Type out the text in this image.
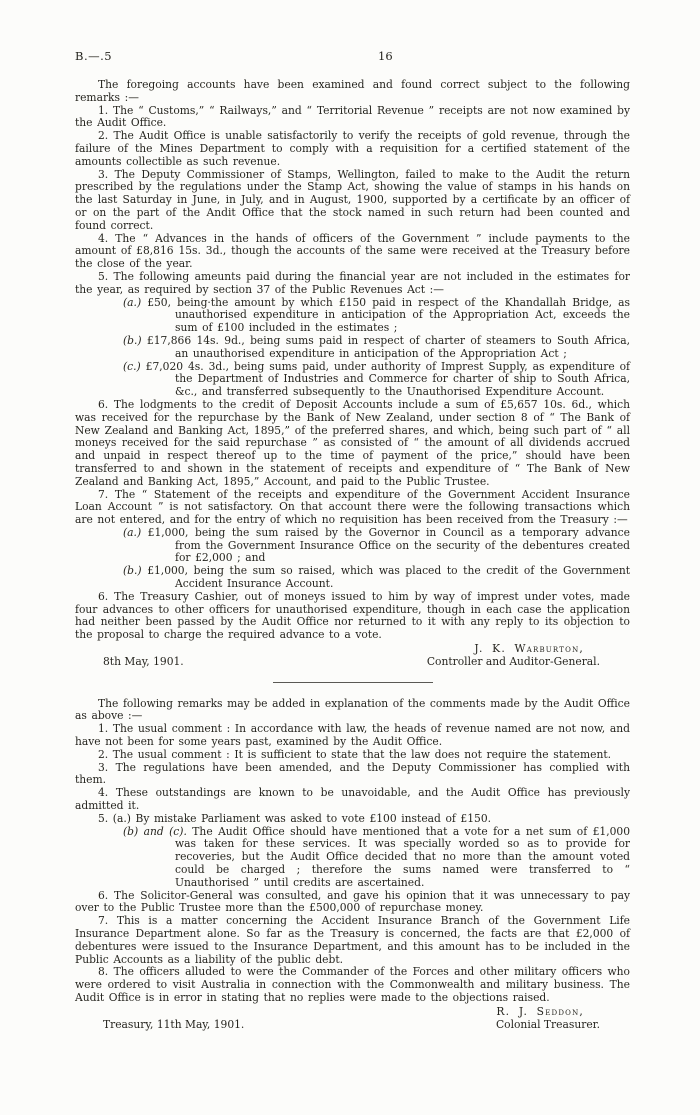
B.—.5	16

The foregoing accounts have been examined and found correct subject to the following remarks :—

1. The “ Customs,” “ Railways,” and “ Territorial Revenue ” receipts are not now examined by the Audit Office.

2. The Audit Office is unable satisfactorily to verify the receipts of gold revenue, through the failure of the Mines Department to comply with a requisition for a certified statement of the amounts collectible as such revenue.

3. The Deputy Commissioner of Stamps, Wellington, failed to make to the Audit the return prescribed by the regulations under the Stamp Act, showing the value of stamps in his hands on the last Saturday in June, in July, and in August, 1900, supported by a certificate by an officer of or on the part of the Andit Office that the stock named in such return had been counted and found correct.

4. The “ Advances in the hands of officers of the Government ” include payments to the amount of £8,816 15s. 3d., though the accounts of the same were received at the Treasury before the close of the year.

5. The following ameunts paid during the financial year are not included in the estimates for the year, as required by section 37 of the Public Revenues Act :—

(a.) £50, being·the amount by which £150 paid in respect of the Khandallah Bridge, as unauthorised expenditure in anticipation of the Appropriation Act, exceeds the sum of £100 included in the estimates ;

(b.) £17,866 14s. 9d., being sums paid in respect of charter of steamers to South Africa, an unauthorised expenditure in anticipation of the Appropriation Act ;

(c.) £7,020 4s. 3d., being sums paid, under authority of Imprest Supply, as expenditure of the Department of Industries and Commerce for charter of ship to South Africa, &c., and transferred subsequently to the Unauthorised Expenditure Account.

6. The lodgments to the credit of Deposit Accounts include a sum of £5,657 10s. 6d., which was received for the repurchase by the Bank of New Zealand, under section 8 of “ The Bank of New Zealand and Banking Act, 1895,” of the preferred shares, and which, being such part of “ all moneys received for the said repurchase ” as consisted of “ the amount of all dividends accrued and unpaid in respect thereof up to the time of payment of the price,” should have been transferred to and shown in the statement of receipts and expenditure of “ The Bank of New Zealand and Banking Act, 1895,” Account, and paid to the Public Trustee.

7. The “ Statement of the receipts and expenditure of the Government Accident Insurance Loan Account ” is not satisfactory. On that account there were the following transactions which are not entered, and for the entry of which no requisition has been received from the Treasury :—

(a.) £1,000, being the sum raised by the Governor in Council as a temporary advance from the Government Insurance Office on the security of the debentures created for £2,000 ; and

(b.) £1,000, being the sum so raised, which was placed to the credit of the Government Accident Insurance Account.

6. The Treasury Cashier, out of moneys issued to him by way of imprest under votes, made four advances to other officers for unauthorised expenditure, though in each case the application had neither been passed by the Audit Office nor returned to it with any reply to its objection to the proposal to charge the required advance to a vote.

J. K. Warburton,
8th May, 1901.	Controller and Auditor-General.

The following remarks may be added in explanation of the comments made by the Audit Office as above :—

1. The usual comment : In accordance with law, the heads of revenue named are not now, and have not been for some years past, examined by the Audit Office.

2. The usual comment : It is sufficient to state that the law does not require the statement.

3. The regulations have been amended, and the Deputy Commissioner has complied with them.

4. These outstandings are known to be unavoidable, and the Audit Office has previously admitted it.

5. (a.) By mistake Parliament was asked to vote £100 instead of £150.

(b) and (c). The Audit Office should have mentioned that a vote for a net sum of £1,000 was taken for these services. It was specially worded so as to provide for recoveries, but the Audit Office decided that no more than the amount voted could be charged ; therefore the sums named were transferred to “ Unauthorised ” until credits are ascertained.

6. The Solicitor-General was consulted, and gave his opinion that it was unnecessary to pay over to the Public Trustee more than the £500,000 of repurchase money.

7. This is a matter concerning the Accident Insurance Branch of the Government Life Insurance Department alone. So far as the Treasury is concerned, the facts are that £2,000 of debentures were issued to the Insurance Department, and this amount has to be included in the Public Accounts as a liability of the public debt.

8. The officers alluded to were the Commander of the Forces and other military officers who were ordered to visit Australia in connection with the Commonwealth and military business. The Audit Office is in error in stating that no replies were made to the objections raised.

R. J. Seddon,
Treasury, 11th May, 1901.	Colonial Treasurer.
